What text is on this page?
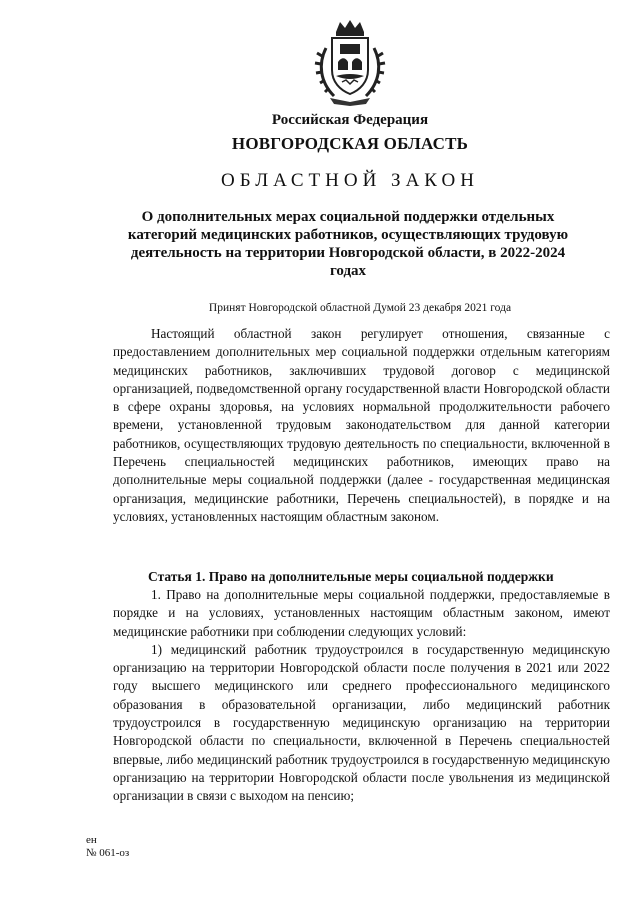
Российская Федерация
НОВГОРОДСКАЯ ОБЛАСТЬ
ОБЛАСТНОЙ ЗАКОН
О дополнительных мерах социальной поддержки отдельных категорий медицинских работников, осуществляющих трудовую деятельность на территории Новгородской области, в 2022-2024 годах
Принят Новгородской областной Думой 23 декабря 2021 года

Настоящий областной закон регулирует отношения, связанные с предоставлением дополнительных мер социальной поддержки отдельным категориям медицинских работников, заключивших трудовой договор с медицинской организацией, подведомственной органу государственной власти Новгородской области в сфере охраны здоровья, на условиях нормальной продолжительности рабочего времени, установленной трудовым законодательством для данной категории работников, осуществляющих трудовую деятельность по специальности, включенной в Перечень специальностей медицинских работников, имеющих право на дополнительные меры социальной поддержки (далее - государственная медицинская организация, медицинские работники, Перечень специальностей), в порядке и на условиях, установленных настоящим областным законом.

Статья 1. Право на дополнительные меры социальной поддержки

1. Право на дополнительные меры социальной поддержки, предоставляемые в порядке и на условиях, установленных настоящим областным законом, имеют медицинские работники при соблюдении следующих условий:

1) медицинский работник трудоустроился в государственную медицинскую организацию на территории Новгородской области после получения в 2021 или 2022 году высшего медицинского или среднего профессионального медицинского образования в образовательной организации, либо медицинский работник трудоустроился в государственную медицинскую организацию на территории Новгородской области по специальности, включенной в Перечень специальностей впервые, либо медицинский работник трудоустроился в государственную медицинскую организацию на территории Новгородской области после увольнения из медицинской организации в связи с выходом на пенсию;

ен
№ 061-оз
